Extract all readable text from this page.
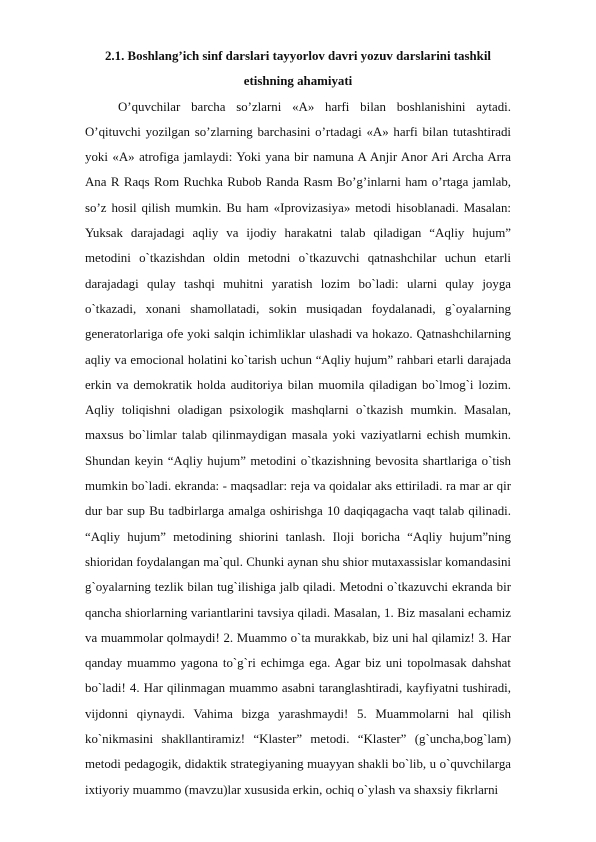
2.1. Boshlang’ich sinf darslari tayyorlov davri yozuv darslarini tashkil
etishning ahamiyati

O’quvchilar barcha so’zlarni «A» harfi bilan boshlanishini aytadi. O’qituvchi yozilgan so’zlarning barchasini o’rtadagi «A» harfi bilan tutashtiradi yoki «A» atrofiga jamlaydi: Yoki yana bir namuna A Anjir Anor Ari Archa Arra Ana R Raqs Rom Ruchka Rubob Randa Rasm Bo’g’inlarni ham o’rtaga jamlab, so’z hosil qilish mumkin. Bu ham «Iprovizasiya» metodi hisoblanadi. Masalan: Yuksak darajadagi aqliy va ijodiy harakatni talab qiladigan “Aqliy hujum” metodini o`tkazishdan oldin metodni o`tkazuvchi qatnashchilar uchun etarli darajadagi qulay tashqi muhitni yaratish lozim bo`ladi: ularni qulay joyga o`tkazadi, xonani shamollatadi, sokin musiqadan foydalanadi, g`oyalarning generatorlariga ofe yoki salqin ichimliklar ulashadi va hokazo. Qatnashchilarning aqliy va emocional holatini ko`tarish uchun “Aqliy hujum” rahbari etarli darajada erkin va demokratik holda auditoriya bilan muomila qiladigan bo`lmog`i lozim. Aqliy toliqishni oladigan psixologik mashqlarni o`tkazish mumkin. Masalan, maxsus bo`limlar talab qilinmaydigan masala yoki vaziyatlarni echish mumkin. Shundan keyin “Aqliy hujum” metodini o`tkazishning bevosita shartlariga o`tish mumkin bo`ladi. ekranda: - maqsadlar: reja va qoidalar aks ettiriladi. ra mar ar qir dur bar sup Bu tadbirlarga amalga oshirishga 10 daqiqagacha vaqt talab qilinadi. “Aqliy hujum” metodining shiorini tanlash. Iloji boricha “Aqliy hujum”ning shioridan foydalangan ma`qul. Chunki aynan shu shior mutaxassislar komandasini g`oyalarning tezlik bilan tug`ilishiga jalb qiladi. Metodni o`tkazuvchi ekranda bir qancha shiorlarning variantlarini tavsiya qiladi. Masalan, 1. Biz masalani echamiz va muammolar qolmaydi! 2. Muammo o`ta murakkab, biz uni hal qilamiz! 3. Har qanday muammo yagona to`g`ri echimga ega. Agar biz uni topolmasak dahshat bo`ladi! 4. Har qilinmagan muammo asabni taranglashtiradi, kayfiyatni tushiradi, vijdonni qiynaydi. Vahima bizga yarashmaydi! 5. Muammolarni hal qilish ko`nikmasini shakllantiramiz! “Klaster” metodi. “Klaster” (g`uncha,bog`lam) metodi pedagogik, didaktik strategiyaning muayyan shakli bo`lib, u o`quvchilarga ixtiyoriy muammo (mavzu)lar xususida erkin, ochiq o`ylash va shaxsiy fikrlarni
